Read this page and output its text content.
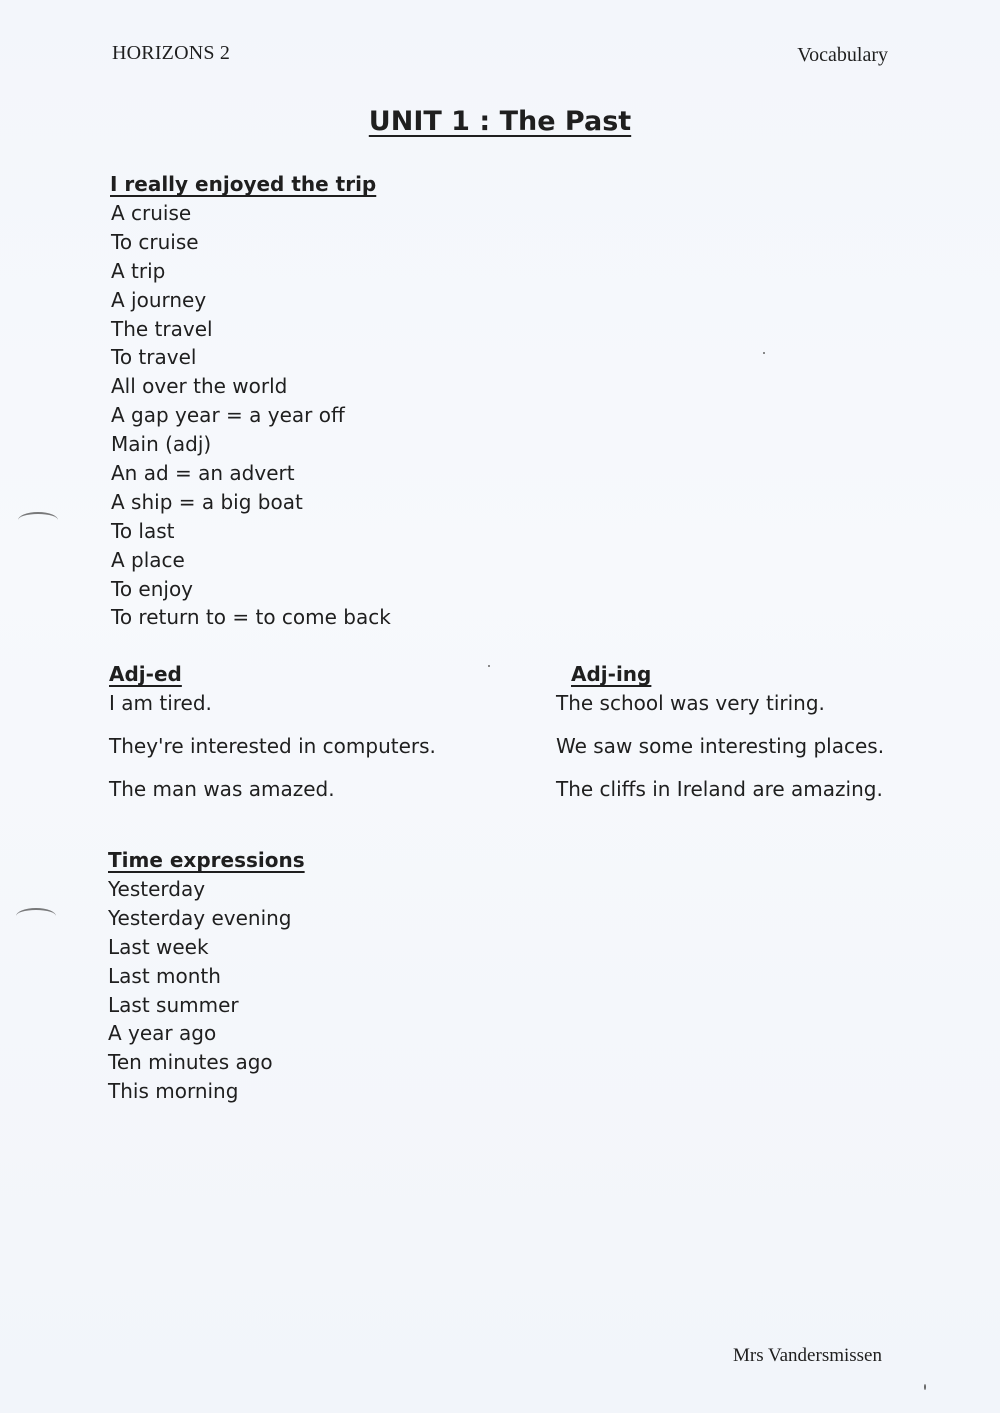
HORIZONS 2	Vocabulary
UNIT 1 : The Past
I really enjoyed the trip
A cruise
To cruise
A trip
A journey
The travel
To travel
All over the world
A gap year = a year off
Main (adj)
An ad = an advert
A ship = a big boat
To last
A place
To enjoy
To return to = to come back
Adj-ed
I am tired.
They're interested in computers.
The man was amazed.
Adj-ing
The school was very tiring.
We saw some interesting places.
The cliffs in Ireland are amazing.
Time expressions
Yesterday
Yesterday evening
Last week
Last month
Last summer
A year ago
Ten minutes ago
This morning
Mrs Vandersmissen
